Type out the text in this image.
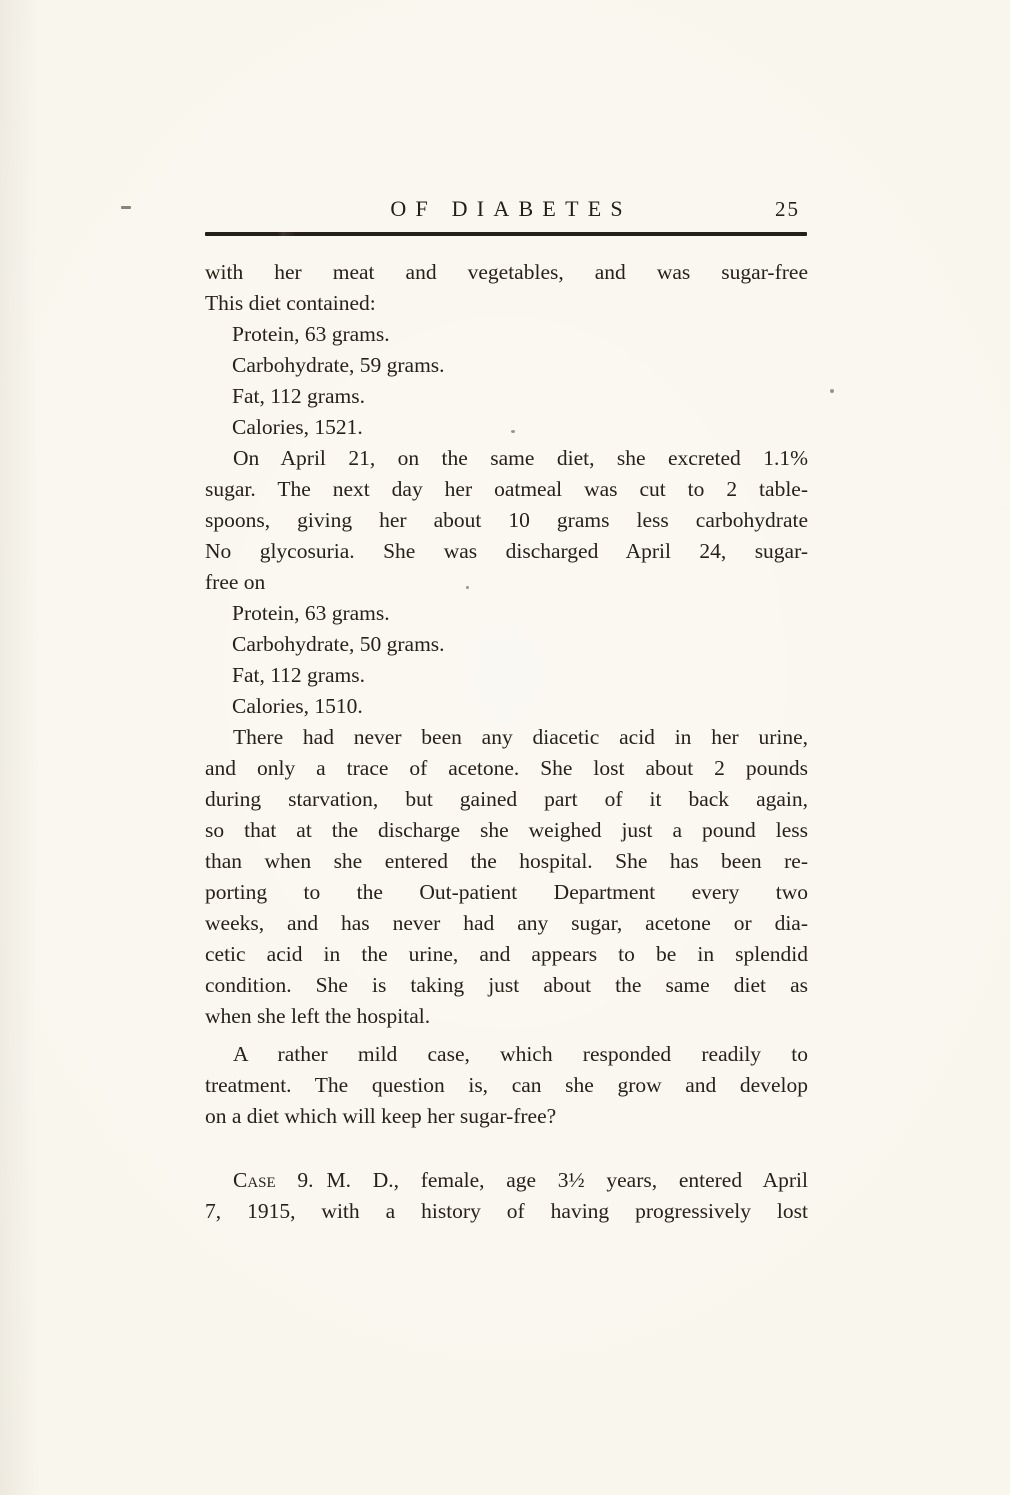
OF DIABETES	25
with her meat and vegetables, and was sugar-free
This diet contained:
Protein, 63 grams.
Carbohydrate, 59 grams.
Fat, 112 grams.
Calories, 1521.
On April 21, on the same diet, she excreted 1.1%
sugar. The next day her oatmeal was cut to 2 table-
spoons, giving her about 10 grams less carbohydrate
No glycosuria. She was discharged April 24, sugar-
free on
Protein, 63 grams.
Carbohydrate, 50 grams.
Fat, 112 grams.
Calories, 1510.
There had never been any diacetic acid in her urine,
and only a trace of acetone. She lost about 2 pounds
during starvation, but gained part of it back again,
so that at the discharge she weighed just a pound less
than when she entered the hospital. She has been re-
porting to the Out-patient Department every two
weeks, and has never had any sugar, acetone or dia-
cetic acid in the urine, and appears to be in splendid
condition. She is taking just about the same diet as
when she left the hospital.
A rather mild case, which responded readily to
treatment. The question is, can she grow and develop
on a diet which will keep her sugar-free?
Case 9. M. D., female, age 3½ years, entered April
7, 1915, with a history of having progressively lost
